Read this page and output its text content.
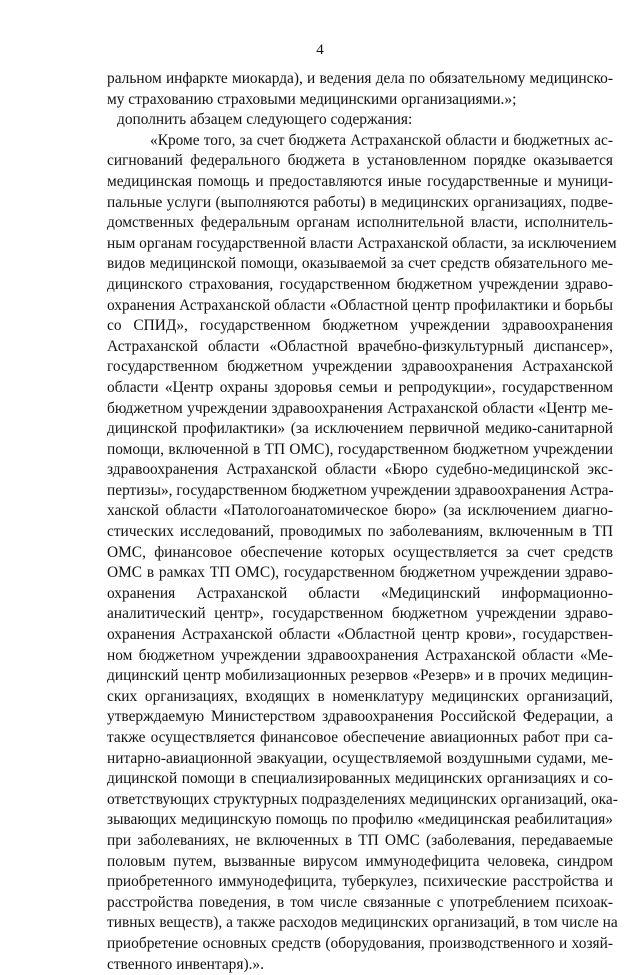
4
ральном инфаркте миокарда), и ведения дела по обязательному медицинско-
му страхованию страховыми медицинскими организациями.»;
дополнить абзацем следующего содержания:
«Кроме того, за счет бюджета Астраханской области и бюджетных ас-
сигнований федерального бюджета в установленном порядке оказывается
медицинская помощь и предоставляются иные государственные и муници-
пальные услуги (выполняются работы) в медицинских организациях, подве-
домственных федеральным органам исполнительной власти, исполнитель-
ным органам государственной власти Астраханской области, за исключением
видов медицинской помощи, оказываемой за счет средств обязательного ме-
дицинского страхования, государственном бюджетном учреждении здраво-
охранения Астраханской области «Областной центр профилактики и борьбы
со СПИД», государственном бюджетном учреждении здравоохранения
Астраханской области «Областной врачебно-физкультурный диспансер»,
государственном бюджетном учреждении здравоохранения Астраханской
области «Центр охраны здоровья семьи и репродукции», государственном
бюджетном учреждении здравоохранения Астраханской области «Центр ме-
дицинской профилактики» (за исключением первичной медико-санитарной
помощи, включенной в ТП ОМС), государственном бюджетном учреждении
здравоохранения Астраханской области «Бюро судебно-медицинской экс-
пертизы», государственном бюджетном учреждении здравоохранения Астра-
ханской области «Патологоанатомическое бюро» (за исключением диагно-
стических исследований, проводимых по заболеваниям, включенным в ТП
ОМС, финансовое обеспечение которых осуществляется за счет средств
ОМС в рамках ТП ОМС), государственном бюджетном учреждении здраво-
охранения Астраханской области «Медицинский информационно-
аналитический центр», государственном бюджетном учреждении здраво-
охранения Астраханской области «Областной центр крови», государствен-
ном бюджетном учреждении здравоохранения Астраханской области «Ме-
дицинский центр мобилизационных резервов «Резерв» и в прочих медицин-
ских организациях, входящих в номенклатуру медицинских организаций,
утверждаемую Министерством здравоохранения Российской Федерации, а
также осуществляется финансовое обеспечение авиационных работ при са-
нитарно-авиационной эвакуации, осуществляемой воздушными судами, ме-
дицинской помощи в специализированных медицинских организациях и со-
ответствующих структурных подразделениях медицинских организаций, ока-
зывающих медицинскую помощь по профилю «медицинская реабилитация»
при заболеваниях, не включенных в ТП ОМС (заболевания, передаваемые
половым путем, вызванные вирусом иммунодефицита человека, синдром
приобретенного иммунодефицита, туберкулез, психические расстройства и
расстройства поведения, в том числе связанные с употреблением психоак-
тивных веществ), а также расходов медицинских организаций, в том числе на
приобретение основных средств (оборудования, производственного и хозяй-
ственного инвентаря).».
